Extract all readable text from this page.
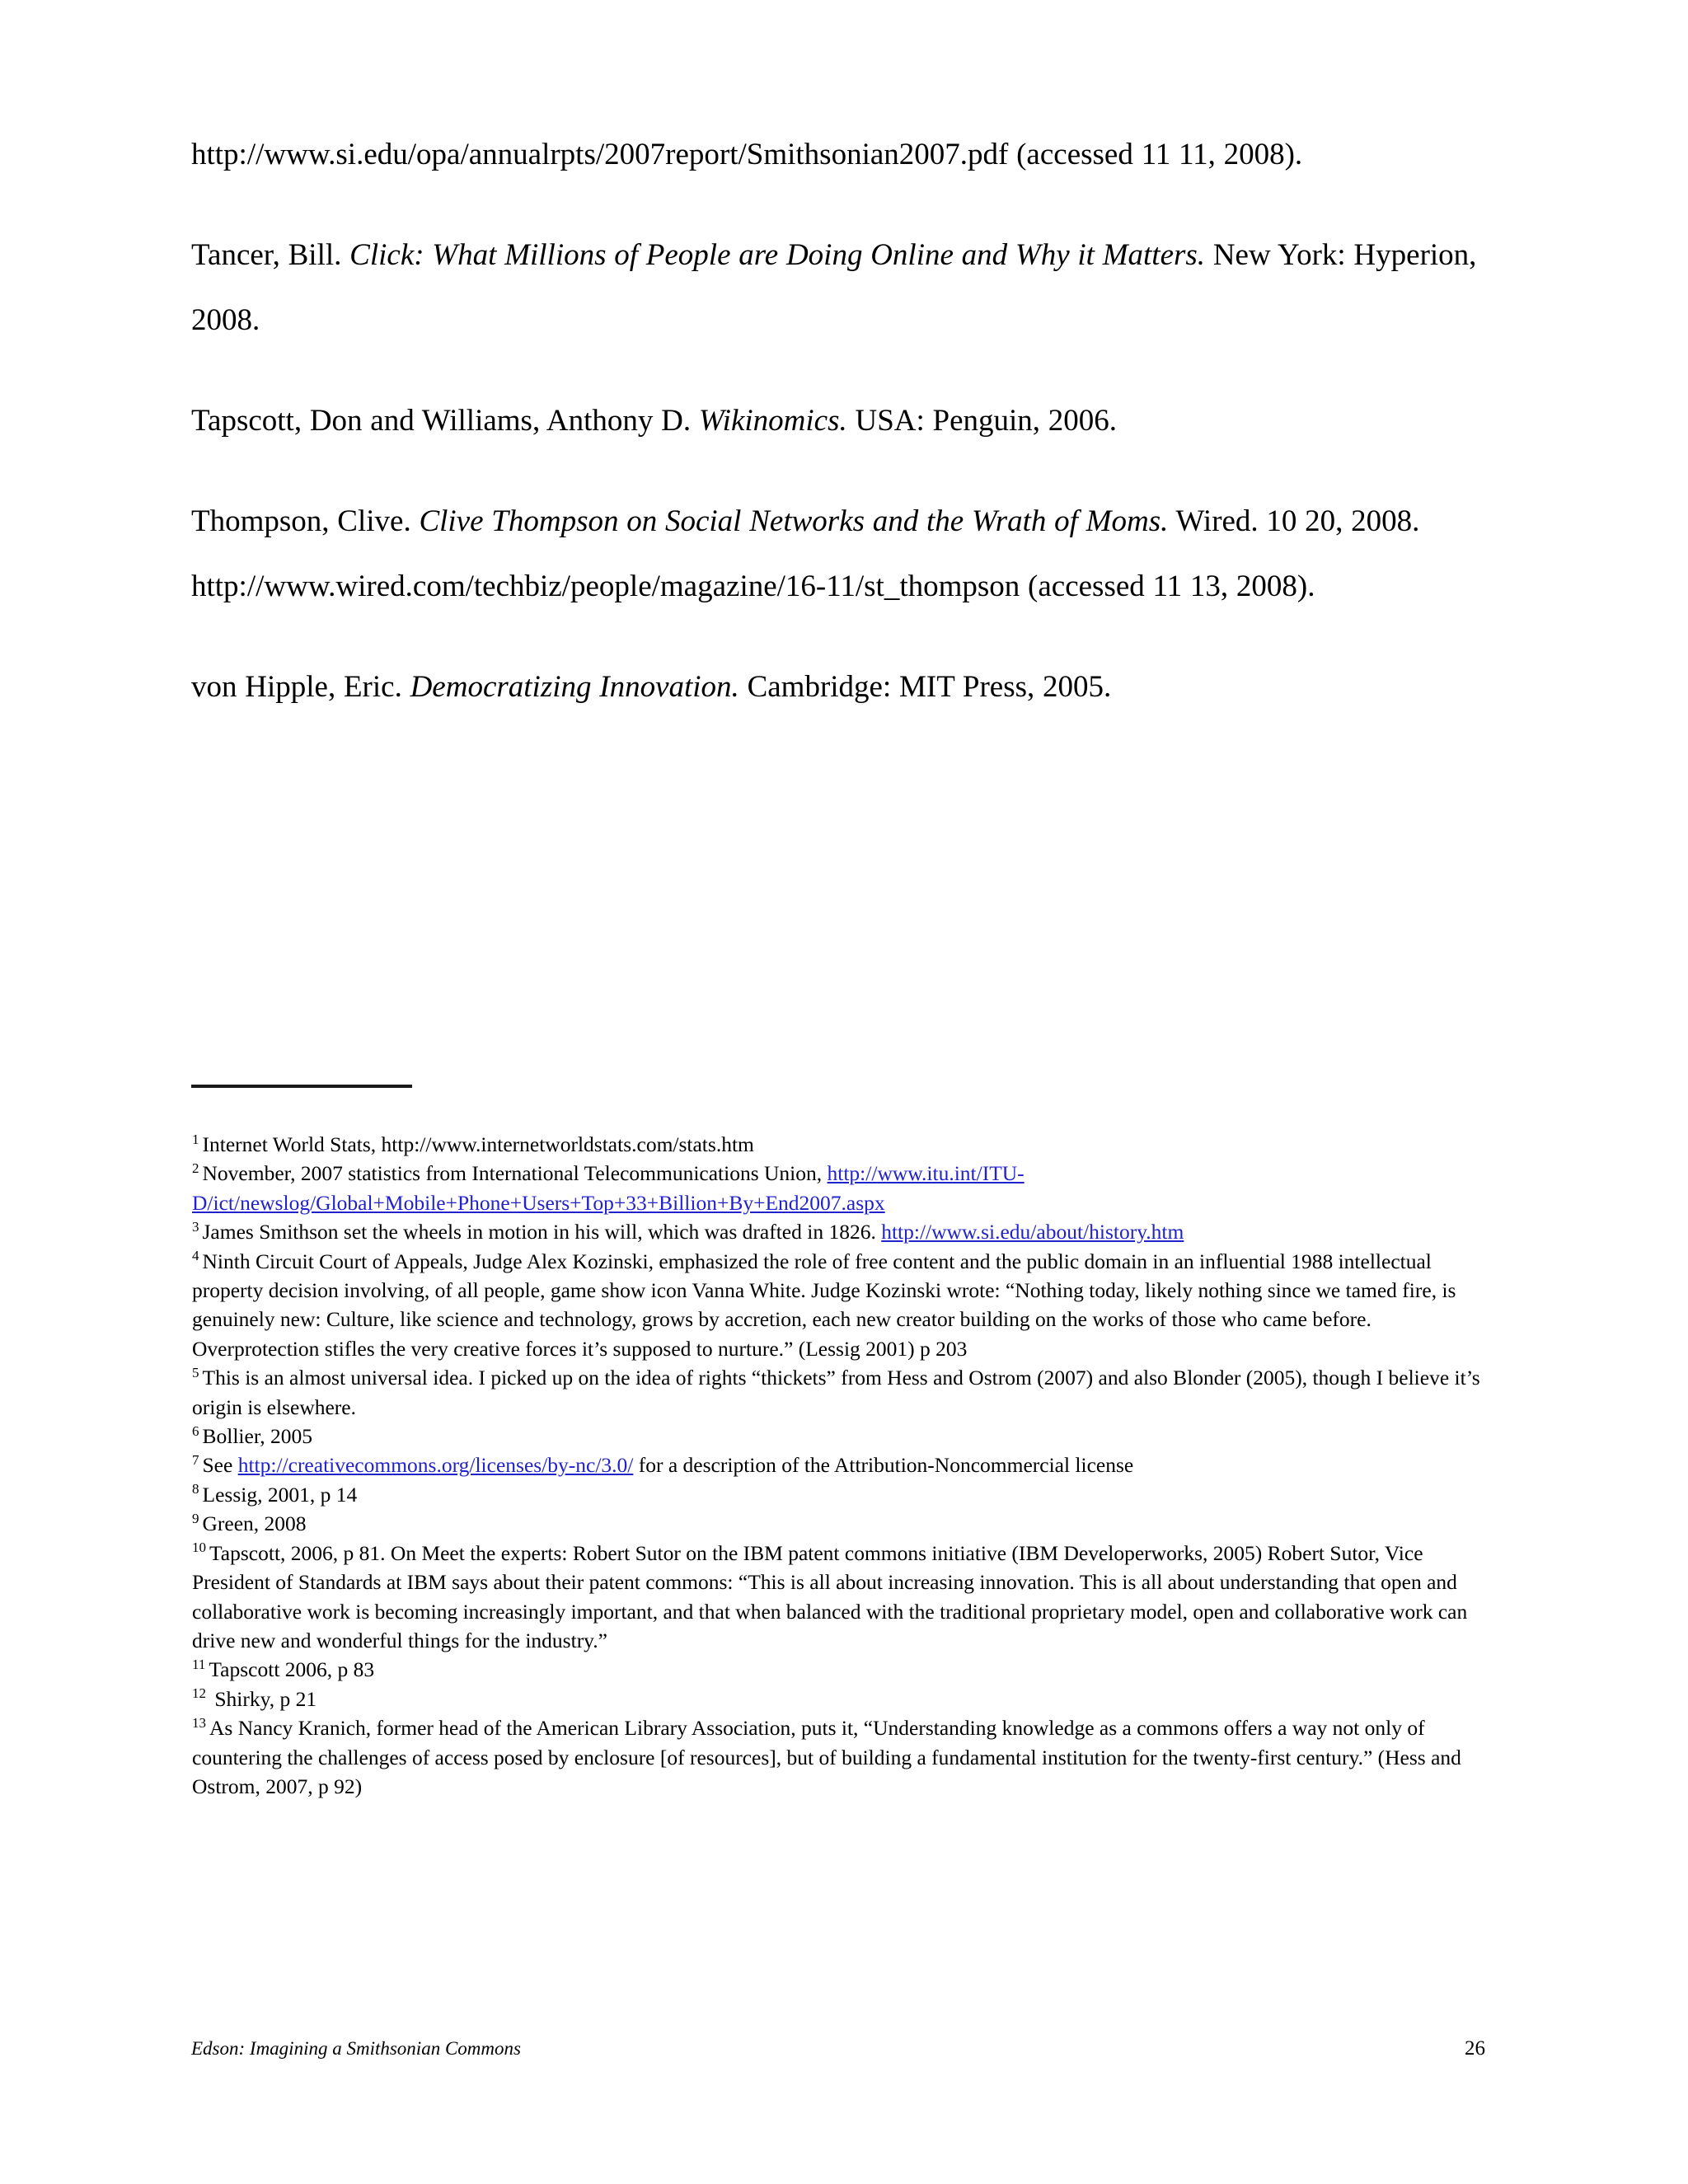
http://www.si.edu/opa/annualrpts/2007report/Smithsonian2007.pdf (accessed 11 11, 2008).

Tancer, Bill. Click: What Millions of People are Doing Online and Why it Matters. New York: Hyperion, 2008.

Tapscott, Don and Williams, Anthony D. Wikinomics. USA: Penguin, 2006.

Thompson, Clive. Clive Thompson on Social Networks and the Wrath of Moms. Wired. 10 20, 2008. http://www.wired.com/techbiz/people/magazine/16-11/st_thompson (accessed 11 13, 2008).

von Hipple, Eric. Democratizing Innovation. Cambridge: MIT Press, 2005.

$^1$ Internet World Stats, http://www.internetworldstats.com/stats.htm

$^2$ November, 2007 statistics from International Telecommunications Union, http://www.itu.int/ITU-D/ict/newslog/Global+Mobile+Phone+Users+Top+33+Billion+By+End2007.aspx

$^3$ James Smithson set the wheels in motion in his will, which was drafted in 1826. http://www.si.edu/about/history.htm

$^4$ Ninth Circuit Court of Appeals, Judge Alex Kozinski, emphasized the role of free content and the public domain in an influential 1988 intellectual property decision involving, of all people, game show icon Vanna White. Judge Kozinski wrote: “Nothing today, likely nothing since we tamed fire, is genuinely new: Culture, like science and technology, grows by accretion, each new creator building on the works of those who came before. Overprotection stifles the very creative forces it’s supposed to nurture.” (Lessig 2001) p 203

$^5$ This is an almost universal idea. I picked up on the idea of rights “thickets” from Hess and Ostrom (2007) and also Blonder (2005), though I believe it’s origin is elsewhere.

$^6$ Bollier, 2005

$^7$ See http://creativecommons.org/licenses/by-nc/3.0/ for a description of the Attribution-Noncommercial license

$^8$ Lessig, 2001, p 14

$^9$ Green, 2008

$^{10}$ Tapscott, 2006, p 81. On Meet the experts: Robert Sutor on the IBM patent commons initiative (IBM Developerworks, 2005) Robert Sutor, Vice President of Standards at IBM says about their patent commons: “This is all about increasing innovation. This is all about understanding that open and collaborative work is becoming increasingly important, and that when balanced with the traditional proprietary model, open and collaborative work can drive new and wonderful things for the industry.”

$^{11}$ Tapscott 2006, p 83

$^{12}$ Shirky, p 21

$^{13}$ As Nancy Kranich, former head of the American Library Association, puts it, “Understanding knowledge as a commons offers a way not only of countering the challenges of access posed by enclosure [of resources], but of building a fundamental institution for the twenty-first century.” (Hess and Ostrom, 2007, p 92)

Edson: Imagining a Smithsonian Commons	26
